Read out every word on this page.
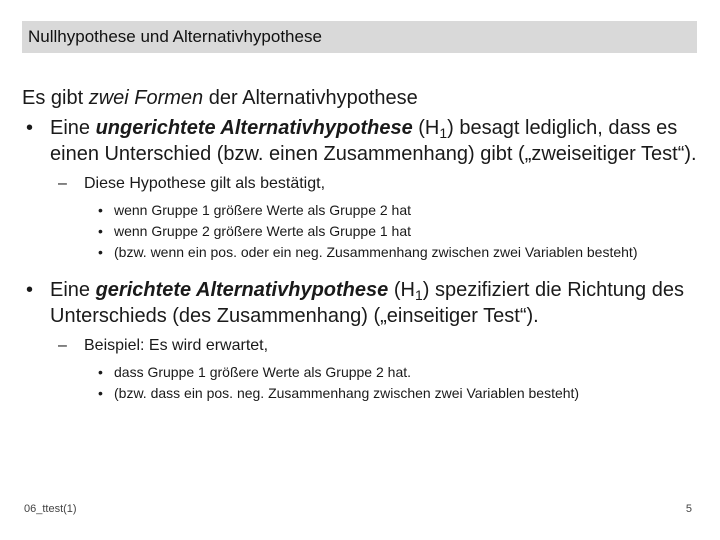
Nullhypothese und Alternativhypothese

Es gibt zwei Formen der Alternativhypothese

• Eine ungerichtete Alternativhypothese $(H_1)$ besagt lediglich, dass es einen Unterschied (bzw. einen Zusammenhang) gibt („zweiseitiger Test“).
– Diese Hypothese gilt als bestätigt,
• wenn Gruppe 1 größere Werte als Gruppe 2 hat
• wenn Gruppe 2 größere Werte als Gruppe 1 hat
• (bzw. wenn ein pos. oder ein neg. Zusammenhang zwischen zwei Variablen besteht)
• Eine gerichtete Alternativhypothese $(H_1)$ spezifiziert die Richtung des Unterschieds (des Zusammenhang) („einseitiger Test“).
– Beispiel: Es wird erwartet,
• dass Gruppe 1 größere Werte als Gruppe 2 hat.
• (bzw. dass ein pos. neg. Zusammenhang zwischen zwei Variablen besteht)
06_ttest(1)	5
